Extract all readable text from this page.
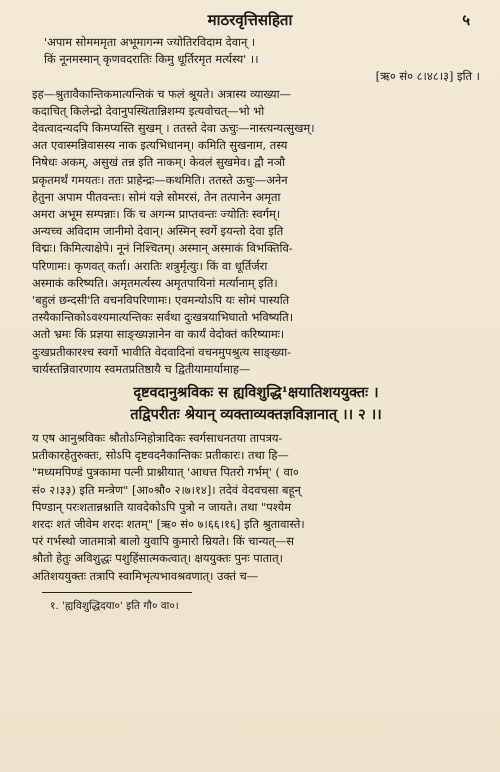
माठरवृत्तिसहिता	५
'अपाम सोमममृता अभूमागन्म ज्योतिरविदाम देवान् ।
किं नूनमस्मान् कृणवदरातिः किमु धूर्तिरमृत मर्त्यस्य' ।।
[ऋ० सं० ८।४८।३] इति ।
इह—श्रुतावैकान्तिकमात्यन्तिकं च फलं श्रूयते। अत्रास्य व्याख्या—
कदाचित् किलेन्द्रो देवानुपस्थितान्निशम्य इत्यवोचत्—भो भो
देवत्वादन्यदपि किमप्यस्ति सुखम् । ततस्ते देवा ऊचुः—नास्त्यन्यत्सुखम्।
अत एवास्मन्निवासस्य नाक इत्यभिधानम्। कमिति सुखनाम, तस्य
निषेधः अकम्, असुखं तन्न इति नाकम्। केवलं सुखमेव। द्वौ नञौ
प्रकृतमर्थं गमयतः। ततः प्राहेन्द्रः—कथमिति। ततस्ते ऊचुः—अनेन
हेतुना अपाम पीतवन्तः। सोमं यज्ञे सोमरसं, तेन तत्पानेन अमृता
अमरा अभूम सम्पन्नाः। किं च अगन्म प्राप्तवन्तः ज्योतिः स्वर्गम्।
अन्यच्च अविदाम जानीमो देवान्। अस्मिन् स्वर्गे इयन्तो देवा इति
विद्मः। किमित्याक्षेपे। नूनं निश्चितम्। अस्मान् अस्माकं विभक्तिवि-
परिणामः। कृणवत् कर्ता। अरातिः शत्रुर्मृत्युः। किं वा धूर्तिर्जरा
अस्माकं करिष्यति। अमृतमर्त्यस्य अमृतपायिनां मर्त्यानाम् इति।
'बहुलं छन्दसी'ति वचनविपरिणामः। एवमन्योऽपि यः सोमं पास्यति
तस्यैकान्तिकोऽवश्यमात्यन्तिकः सर्वथा दुःखत्रयाभिघातो भविष्यति।
अतो भ्रमः किं प्रज्ञया साङ्ख्यज्ञानेन वा कार्यं वेदोक्तं करिष्यामः।
दुःखप्रतीकारश्च स्वर्गो भावीति वेदवादिनां वचनमुपश्रुत्य साङ्ख्या-
चार्यस्तन्निवारणाय स्वमतप्रतिष्ठायै च द्वितीयामार्यामाह—
दृष्टवदानुश्रविकः स ह्यविशुद्धि¹क्षयातिशययुक्तः ।
तद्विपरीतः श्रेयान् व्यक्ताव्यक्तज्ञविज्ञानात् ।। २ ।।
य एष आनुश्रविकः श्रौतोऽग्निहोत्रादिकः स्वर्गसाधनतया तापत्रय-
प्रतीकारहेतुरुक्तः, सोऽपि दृष्टवदनैकान्तिकः प्रतीकारः। तथा हि—
"मध्यमपिण्डं पुत्रकामा पत्नी प्राश्नीयात् 'आधत्त पितरो गर्भम्' ( वा०
सं० २।३३) इति मन्त्रेण" [आ०श्रौ० २।७।१४]। तदेवं वेदवचसा बहून्
पिण्डान् परःशतान्नश्नाति यावदेकोऽपि पुत्रो न जायते। तथा "पश्येम
शरदः शतं जीवेम शरदः शतम्" [ऋ० सं० ७।६६।१६] इति श्रुतावास्ते।
परं गर्भस्थो जातमात्रो बालो युवापि कुमारो म्रियते। किं चान्यत्—स
श्रौतो हेतुः अविशुद्धः पशुहिंसात्मकत्वात्। क्षययुक्तः पुनः पातात्।
अतिशययुक्तः तत्रापि स्वामिभृत्यभावश्रवणात्। उक्तं च—
१. 'ह्यविशुद्धिदया०' इति गौ० वा०।
